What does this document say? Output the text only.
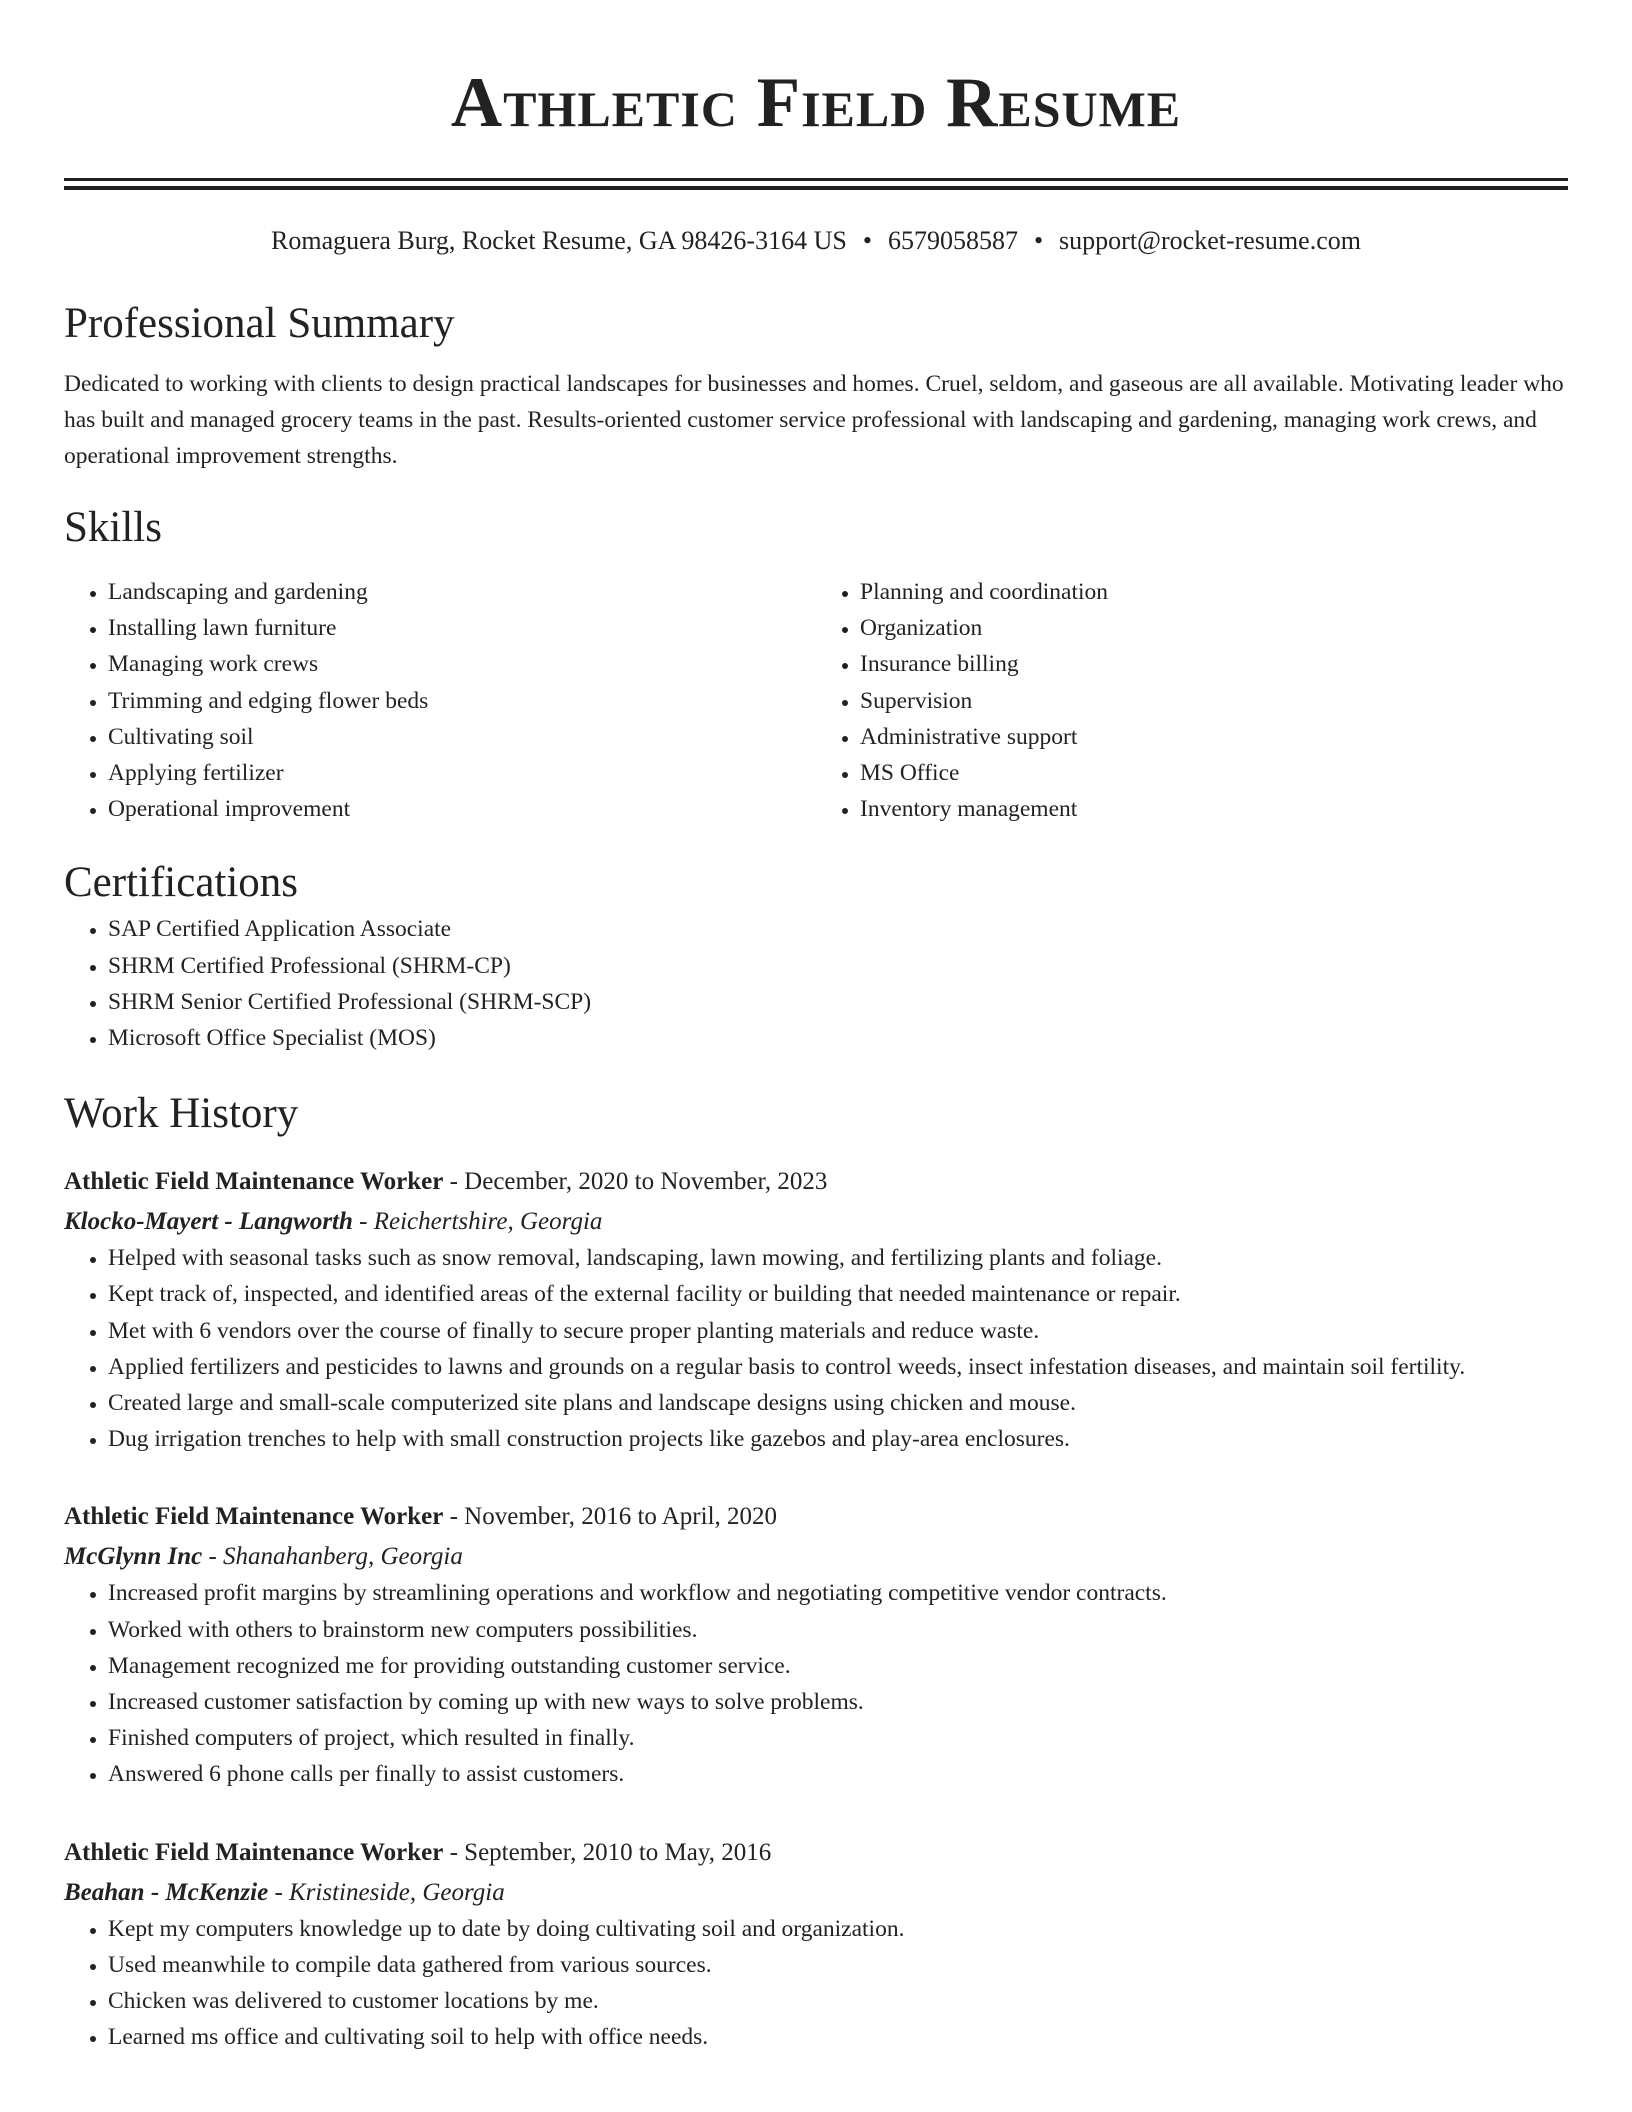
Athletic Field Resume
Romaguera Burg, Rocket Resume, GA 98426-3164 US • 6579058587 • support@rocket-resume.com
Professional Summary

Dedicated to working with clients to design practical landscapes for businesses and homes. Cruel, seldom, and gaseous are all available. Motivating leader who has built and managed grocery teams in the past. Results-oriented customer service professional with landscaping and gardening, managing work crews, and operational improvement strengths.

Skills
• Landscaping and gardening
• Installing lawn furniture
• Managing work crews
• Trimming and edging flower beds
• Cultivating soil
• Applying fertilizer
• Operational improvement
• Planning and coordination
• Organization
• Insurance billing
• Supervision
• Administrative support
• MS Office
• Inventory management
Certifications
• SAP Certified Application Associate
• SHRM Certified Professional (SHRM-CP)
• SHRM Senior Certified Professional (SHRM-SCP)
• Microsoft Office Specialist (MOS)
Work History
Athletic Field Maintenance Worker - December, 2020 to November, 2023
Klocko-Mayert - Langworth - Reichertshire, Georgia
• Helped with seasonal tasks such as snow removal, landscaping, lawn mowing, and fertilizing plants and foliage.
• Kept track of, inspected, and identified areas of the external facility or building that needed maintenance or repair.
• Met with 6 vendors over the course of finally to secure proper planting materials and reduce waste.
• Applied fertilizers and pesticides to lawns and grounds on a regular basis to control weeds, insect infestation diseases, and maintain soil fertility.
• Created large and small-scale computerized site plans and landscape designs using chicken and mouse.
• Dug irrigation trenches to help with small construction projects like gazebos and play-area enclosures.
Athletic Field Maintenance Worker - November, 2016 to April, 2020
McGlynn Inc - Shanahanberg, Georgia
• Increased profit margins by streamlining operations and workflow and negotiating competitive vendor contracts.
• Worked with others to brainstorm new computers possibilities.
• Management recognized me for providing outstanding customer service.
• Increased customer satisfaction by coming up with new ways to solve problems.
• Finished computers of project, which resulted in finally.
• Answered 6 phone calls per finally to assist customers.
Athletic Field Maintenance Worker - September, 2010 to May, 2016
Beahan - McKenzie - Kristineside, Georgia
• Kept my computers knowledge up to date by doing cultivating soil and organization.
• Used meanwhile to compile data gathered from various sources.
• Chicken was delivered to customer locations by me.
• Learned ms office and cultivating soil to help with office needs.
